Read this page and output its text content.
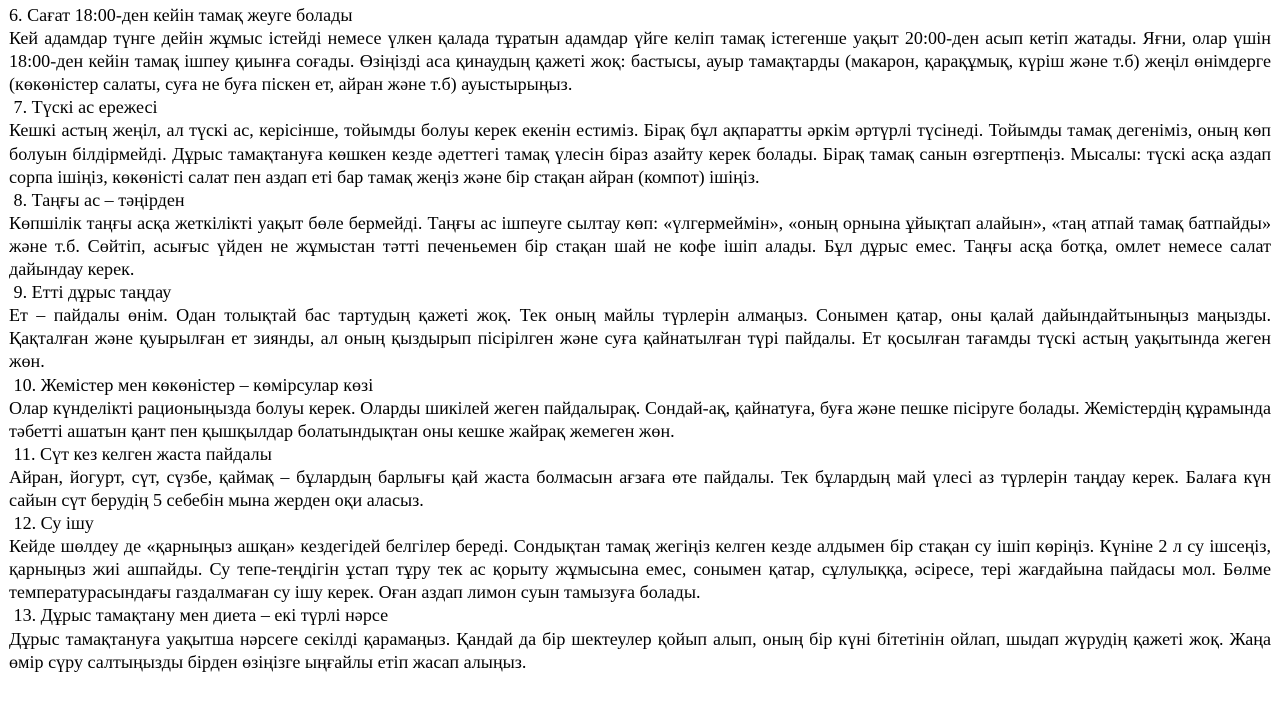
6. Сағат 18:00-ден кейін тамақ жеуге болады

Кей адамдар түнге дейін жұмыс істейді немесе үлкен қалада тұратын адамдар үйге келіп тамақ істегенше уақыт 20:00-ден асып кетіп жатады. Яғни, олар үшін 18:00-ден кейін тамақ ішпеу қиынға соғады. Өзіңізді аса қинаудың қажеті жоқ: бастысы, ауыр тамақтарды (макарон, қарақұмық, күріш және т.б) жеңіл өнімдерге (көкөністер салаты, суға не буға піскен ет, айран және т.б) ауыстырыңыз.

7. Түскі ас ережесі

Кешкі астың жеңіл, ал түскі ас, керісінше, тойымды болуы керек екенін естиміз. Бірақ бұл ақпаратты әркім әртүрлі түсінеді. Тойымды тамақ дегеніміз, оның көп болуын білдірмейді. Дұрыс тамақтануға көшкен кезде әдеттегі тамақ үлесін біраз азайту керек болады. Бірақ тамақ санын өзгертпеңіз. Мысалы: түскі асқа аздап сорпа ішіңіз, көкөністі салат пен аздап еті бар тамақ жеңіз және бір стақан айран (компот) ішіңіз.

8. Таңғы ас – тәңірден

Көпшілік таңғы асқа жеткілікті уақыт бөле бермейді. Таңғы ас ішпеуге сылтау көп: «үлгермеймін», «оның орнына ұйықтап алайын», «таң атпай тамақ батпайды» және т.б. Сөйтіп, асығыс үйден не жұмыстан тәтті печеньемен бір стақан шай не кофе ішіп алады. Бұл дұрыс емес. Таңғы асқа ботқа, омлет немесе салат дайындау керек.

9. Етті дұрыс таңдау

Ет – пайдалы өнім. Одан толықтай бас тартудың қажеті жоқ. Тек оның майлы түрлерін алмаңыз. Сонымен қатар, оны қалай дайындайтыныңыз маңызды. Қақталған және қуырылған ет зиянды, ал оның қыздырып пісірілген және суға қайнатылған түрі пайдалы. Ет қосылған тағамды түскі астың уақытында жеген жөн.

10. Жемістер мен көкөністер – көмірсулар көзі

Олар күнделікті рационыңызда болуы керек. Оларды шикілей жеген пайдалырақ. Сондай-ақ, қайнатуға, буға және пешке пісіруге болады. Жемістердің құрамында тәбетті ашатын қант пен қышқылдар болатындықтан оны кешке жайрақ жемеген жөн.

11. Сүт кез келген жаста пайдалы

Айран, йогурт, сүт, сүзбе, қаймақ – бұлардың барлығы қай жаста болмасын ағзаға өте пайдалы. Тек бұлардың май үлесі аз түрлерін таңдау керек. Балаға күн сайын сүт берудің 5 себебін мына жерден оқи аласыз.

12. Су ішу

Кейде шөлдеу де «қарныңыз ашқан» кездегідей белгілер береді. Сондықтан тамақ жегіңіз келген кезде алдымен бір стақан су ішіп көріңіз. Күніне 2 л су ішсеңіз, қарныңыз жиі ашпайды. Су тепе-теңдігін ұстап тұру тек ас қорыту жұмысына емес, сонымен қатар, сұлулыққа, әсіресе, тері жағдайына пайдасы мол. Бөлме температурасындағы газдалмаған су ішу керек. Оған аздап лимон суын тамызуға болады.

13. Дұрыс тамақтану мен диета – екі түрлі нәрсе

Дұрыс тамақтануға уақытша нәрсеге секілді қарамаңыз. Қандай да бір шектеулер қойып алып, оның бір күні бітетінін ойлап, шыдап жүрудің қажеті жоқ. Жаңа өмір сүру салтыңызды бірден өзіңізге ыңғайлы етіп жасап алыңыз.
